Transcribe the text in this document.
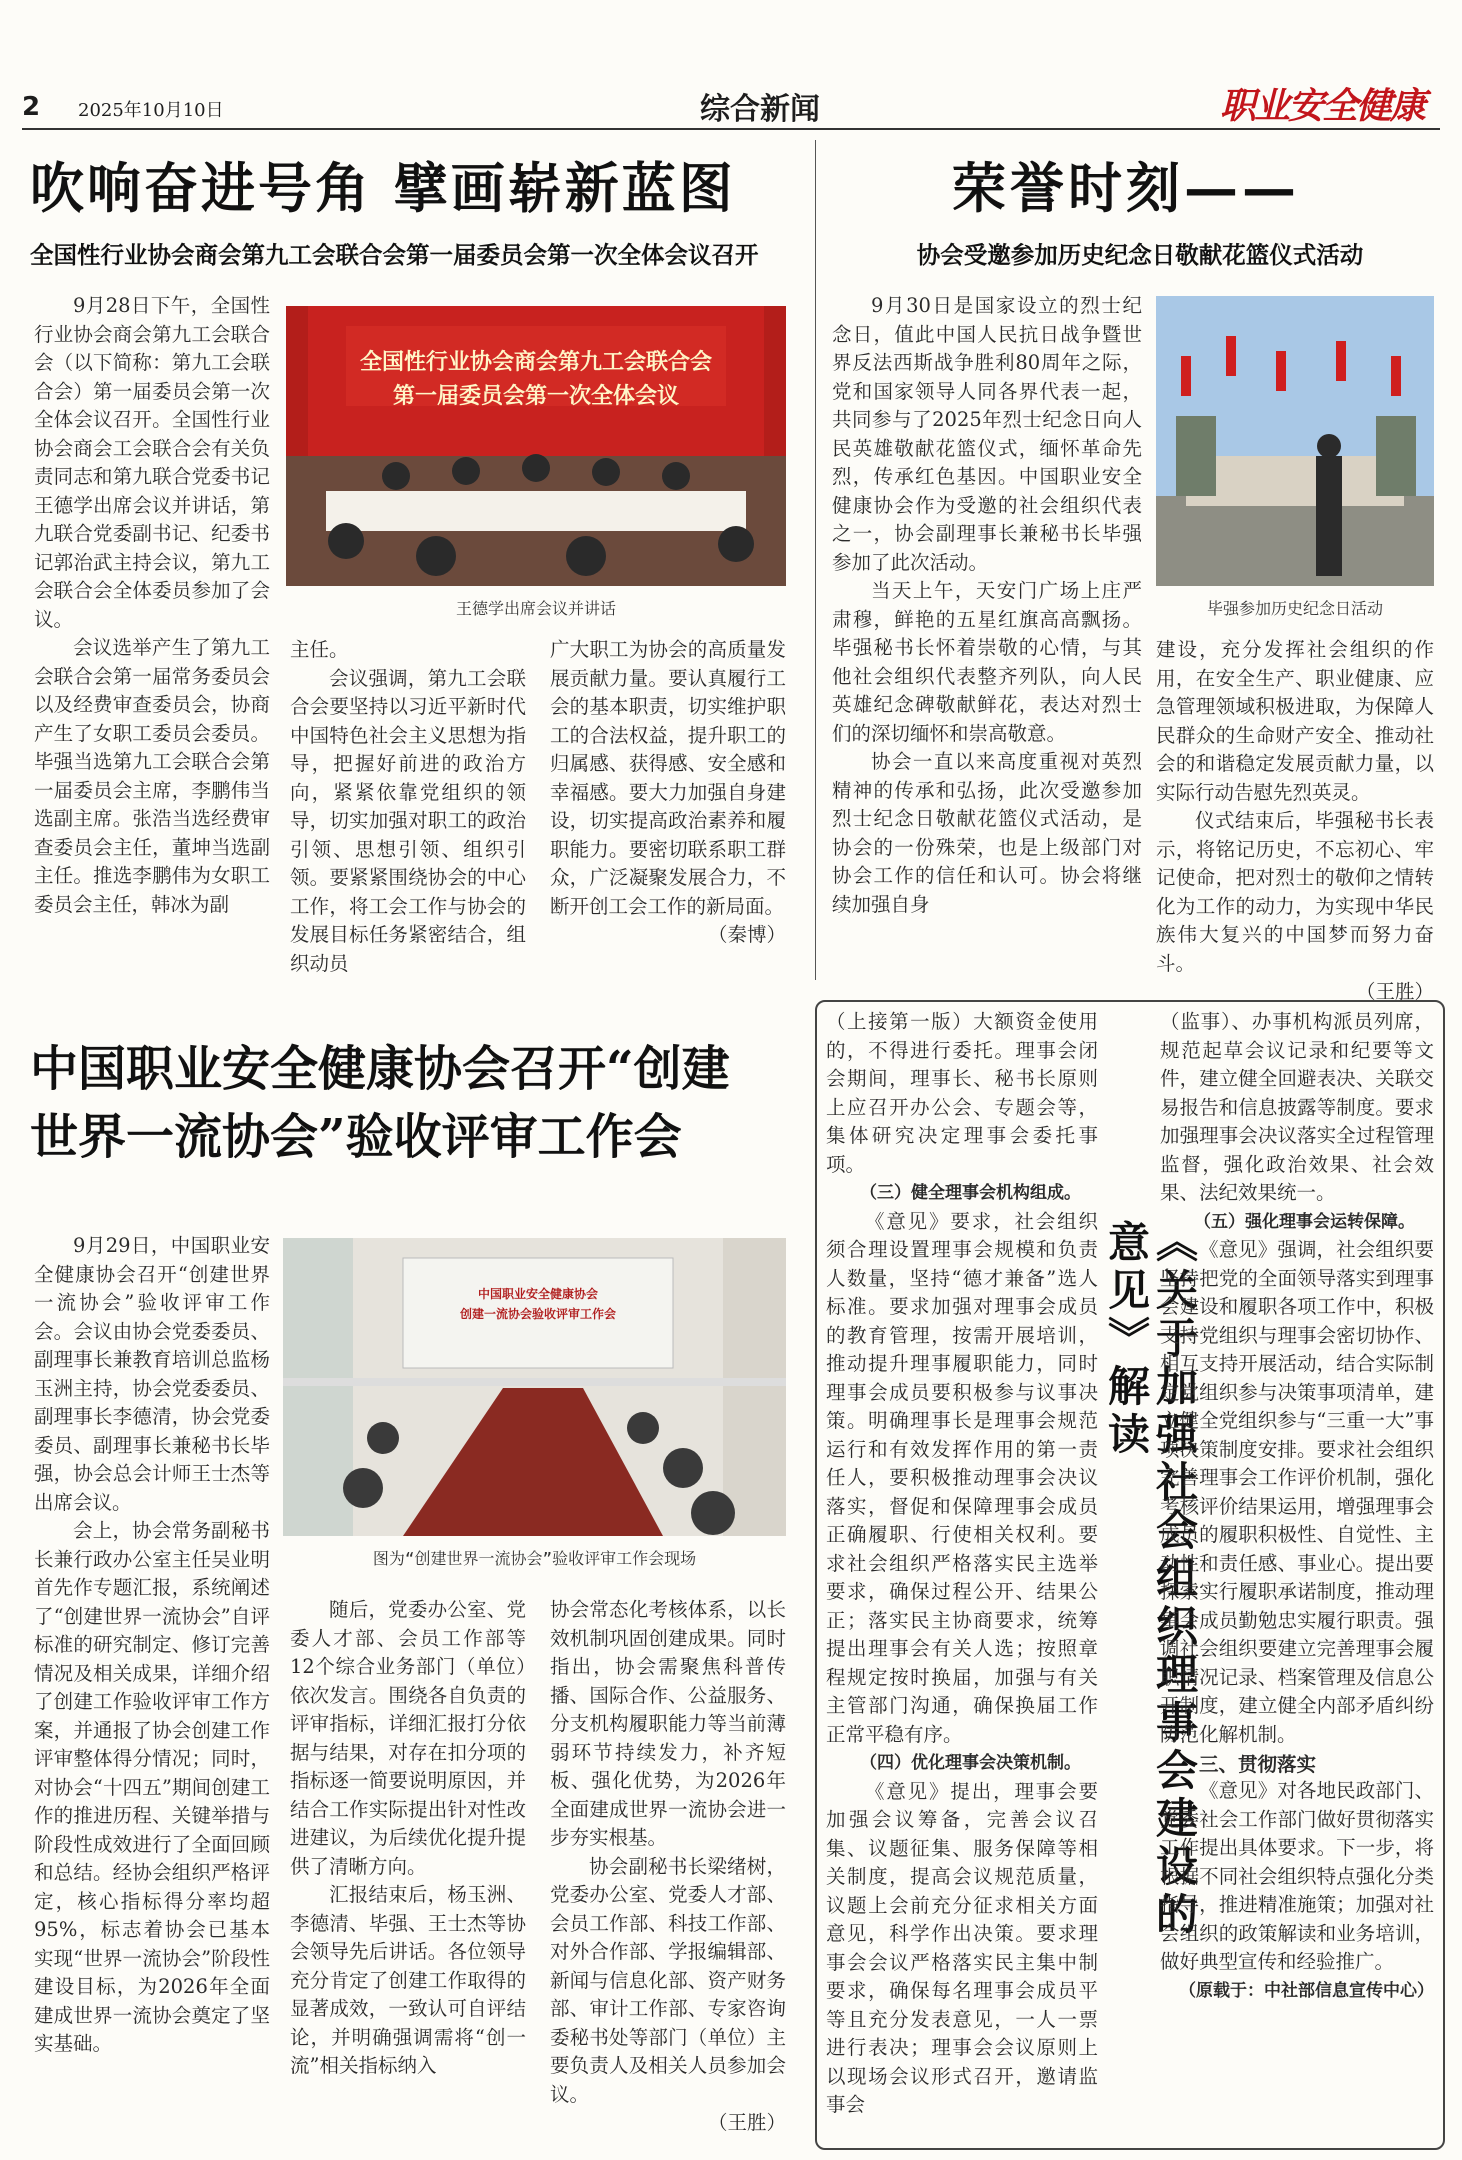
2 2025年10月10日	综合新闻	职业安全健康
吹响奋进号角 擘画崭新蓝图
全国性行业协会商会第九工会联合会第一届委员会第一次全体会议召开

9月28日下午，全国性行业协会商会第九工会联合会（以下简称：第九工会联合会）第一届委员会第一次全体会议召开。全国性行业协会商会工会联合会有关负责同志和第九联合党委书记王德学出席会议并讲话，第九联合党委副书记、纪委书记郭治武主持会议，第九工会联合会全体委员参加了会议。

会议选举产生了第九工会联合会第一届常务委员会以及经费审查委员会，协商产生了女职工委员会委员。毕强当选第九工会联合会第一届委员会主席，李鹏伟当选副主席。张浩当选经费审查委员会主任，董坤当选副主任。推选李鹏伟为女职工委员会主任，韩冰为副

全国性行业协会商会第九工会联合会
第一届委员会第一次全体会议
王德学出席会议并讲话

主任。

会议强调，第九工会联合会要坚持以习近平新时代中国特色社会主义思想为指导，把握好前进的政治方向，紧紧依靠党组织的领导，切实加强对职工的政治引领、思想引领、组织引领。要紧紧围绕协会的中心工作，将工会工作与协会的发展目标任务紧密结合，组织动员

广大职工为协会的高质量发展贡献力量。要认真履行工会的基本职责，切实维护职工的合法权益，提升职工的归属感、获得感、安全感和幸福感。要大力加强自身建设，切实提高政治素养和履职能力。要密切联系职工群众，广泛凝聚发展合力，不断开创工会工作的新局面。

（秦博）

荣誉时刻——
协会受邀参加历史纪念日敬献花篮仪式活动

9月30日是国家设立的烈士纪念日，值此中国人民抗日战争暨世界反法西斯战争胜利80周年之际，党和国家领导人同各界代表一起，共同参与了2025年烈士纪念日向人民英雄敬献花篮仪式，缅怀革命先烈，传承红色基因。中国职业安全健康协会作为受邀的社会组织代表之一，协会副理事长兼秘书长毕强参加了此次活动。

当天上午，天安门广场上庄严肃穆，鲜艳的五星红旗高高飘扬。毕强秘书长怀着崇敬的心情，与其他社会组织代表整齐列队，向人民英雄纪念碑敬献鲜花，表达对烈士们的深切缅怀和崇高敬意。

协会一直以来高度重视对英烈精神的传承和弘扬，此次受邀参加烈士纪念日敬献花篮仪式活动，是协会的一份殊荣，也是上级部门对协会工作的信任和认可。协会将继续加强自身

毕强参加历史纪念日活动

建设，充分发挥社会组织的作用，在安全生产、职业健康、应急管理领域积极进取，为保障人民群众的生命财产安全、推动社会的和谐稳定发展贡献力量，以实际行动告慰先烈英灵。

仪式结束后，毕强秘书长表示，将铭记历史，不忘初心、牢记使命，把对烈士的敬仰之情转化为工作的动力，为实现中华民族伟大复兴的中国梦而努力奋斗。

（王胜）

中国职业安全健康协会召开“创建
世界一流协会”验收评审工作会

9月29日，中国职业安全健康协会召开“创建世界一流协会”验收评审工作会。会议由协会党委委员、副理事长兼教育培训总监杨玉洲主持，协会党委委员、副理事长李德清，协会党委委员、副理事长兼秘书长毕强，协会总会计师王士杰等出席会议。

会上，协会常务副秘书长兼行政办公室主任吴业明首先作专题汇报，系统阐述了“创建世界一流协会”自评标准的研究制定、修订完善情况及相关成果，详细介绍了创建工作验收评审工作方案，并通报了协会创建工作评审整体得分情况；同时，对协会“十四五”期间创建工作的推进历程、关键举措与阶段性成效进行了全面回顾和总结。经协会组织严格评定，核心指标得分率均超95%，标志着协会已基本实现“世界一流协会”阶段性建设目标，为2026年全面建成世界一流协会奠定了坚实基础。

中国职业安全健康协会
创建一流协会验收评审工作会
图为“创建世界一流协会”验收评审工作会现场

随后，党委办公室、党委人才部、会员工作部等12个综合业务部门（单位）依次发言。围绕各自负责的评审指标，详细汇报打分依据与结果，对存在扣分项的指标逐一简要说明原因，并结合工作实际提出针对性改进建议，为后续优化提升提供了清晰方向。

汇报结束后，杨玉洲、李德清、毕强、王士杰等协会领导先后讲话。各位领导充分肯定了创建工作取得的显著成效，一致认可自评结论，并明确强调需将“创一流”相关指标纳入

协会常态化考核体系，以长效机制巩固创建成果。同时指出，协会需聚焦科普传播、国际合作、公益服务、分支机构履职能力等当前薄弱环节持续发力，补齐短板、强化优势，为2026年全面建成世界一流协会进一步夯实根基。

协会副秘书长梁绪树，党委办公室、党委人才部、会员工作部、科技工作部、对外合作部、学报编辑部、新闻与信息化部、资产财务部、审计工作部、专家咨询委秘书处等部门（单位）主要负责人及相关人员参加会议。

（王胜）

（上接第一版）大额资金使用的，不得进行委托。理事会闭会期间，理事长、秘书长原则上应召开办公会、专题会等，集体研究决定理事会委托事项。

（三）健全理事会机构组成。

《意见》要求，社会组织须合理设置理事会规模和负责人数量，坚持“德才兼备”选人标准。要求加强对理事会成员的教育管理，按需开展培训，推动提升理事履职能力，同时理事会成员要积极参与议事决策。明确理事长是理事会规范运行和有效发挥作用的第一责任人，要积极推动理事会决议落实，督促和保障理事会成员正确履职、行使相关权利。要求社会组织严格落实民主选举要求，确保过程公开、结果公正；落实民主协商要求，统筹提出理事会有关人选；按照章程规定按时换届，加强与有关主管部门沟通，确保换届工作正常平稳有序。

（四）优化理事会决策机制。

《意见》提出，理事会要加强会议筹备，完善会议召集、议题征集、服务保障等相关制度，提高会议规范质量，议题上会前充分征求相关方面意见，科学作出决策。要求理事会会议严格落实民主集中制要求，确保每名理事会成员平等且充分发表意见，一人一票进行表决；理事会会议原则上以现场会议形式召开，邀请监事会

《关于加强社会组织理事会建设的意见》解读

（监事）、办事机构派员列席，规范起草会议记录和纪要等文件，建立健全回避表决、关联交易报告和信息披露等制度。要求加强理事会决议落实全过程管理监督，强化政治效果、社会效果、法纪效果统一。

（五）强化理事会运转保障。

《意见》强调，社会组织要坚持把党的全面领导落实到理事会建设和履职各项工作中，积极支持党组织与理事会密切协作、相互支持开展活动，结合实际制定党组织参与决策事项清单，建立健全党组织参与“三重一大”事项决策制度安排。要求社会组织完善理事会工作评价机制，强化考核评价结果运用，增强理事会成员的履职积极性、自觉性、主动性和责任感、事业心。提出要探索实行履职承诺制度，推动理事会成员勤勉忠实履行职责。强调社会组织要建立完善理事会履职情况记录、档案管理及信息公开制度，建立健全内部矛盾纠纷防范化解机制。

三、贯彻落实

《意见》对各地民政部门、党委社会工作部门做好贯彻落实工作提出具体要求。下一步，将根据不同社会组织特点强化分类指导，推进精准施策；加强对社会组织的政策解读和业务培训，做好典型宣传和经验推广。

（原载于：中社部信息宣传中心）
